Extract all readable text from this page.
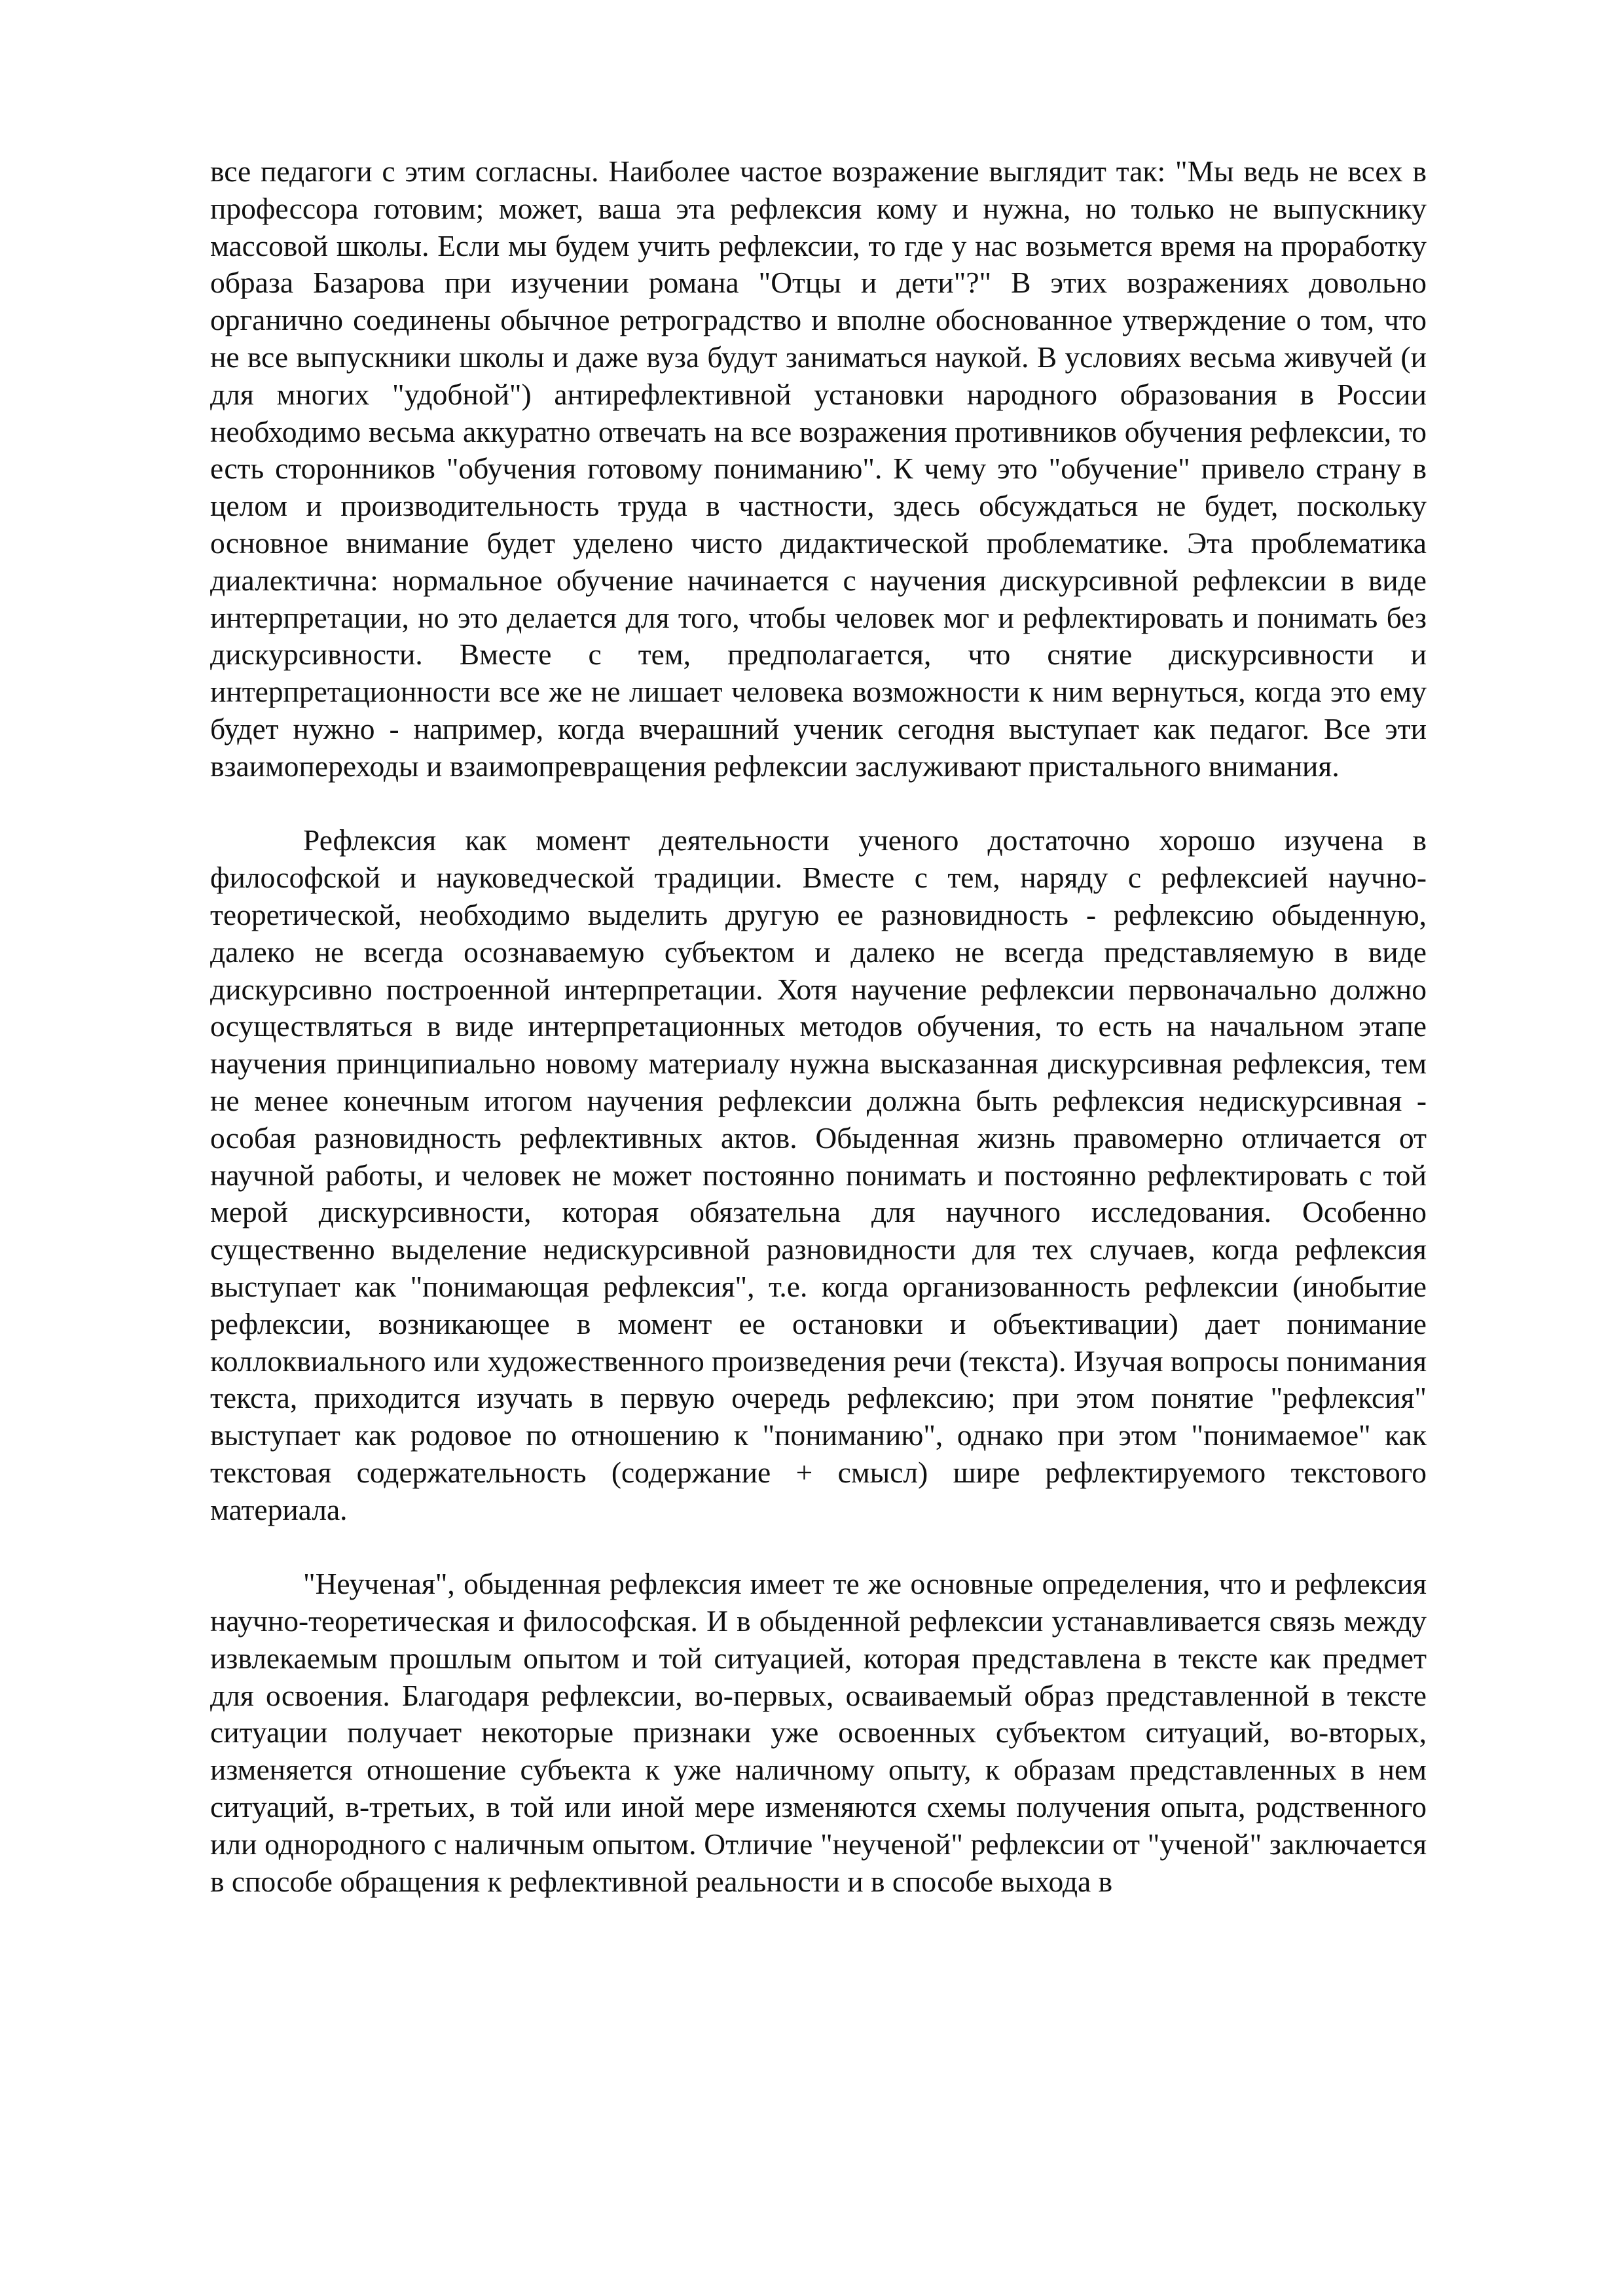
все педагоги с этим согласны. Наиболее частое возражение выглядит так: "Мы ведь не всех в профессора готовим; может, ваша эта рефлексия кому и нужна, но только не выпускнику массовой школы. Если мы будем учить рефлексии, то где у нас возьмется время на проработку образа Базарова при изучении романа "Отцы и дети"?" В этих возражениях довольно органично соединены обычное ретроградство и вполне обоснованное утверждение о том, что не все выпускники школы и даже вуза будут заниматься наукой. В условиях весьма живучей (и для многих "удобной") антирефлективной установки народного образования в России необходимо весьма аккуратно отвечать на все возражения противников обучения рефлексии, то есть сторонников "обучения готовому пониманию". К чему это "обучение" привело страну в целом и производительность труда в частности, здесь обсуждаться не будет, поскольку основное внимание будет уделено чисто дидактической проблематике. Эта проблематика диалектична: нормальное обучение начинается с научения дискурсивной рефлексии в виде интерпретации, но это делается для того, чтобы человек мог и рефлектировать и понимать без дискурсивности. Вместе с тем, предполагается, что снятие дискурсивности и интерпретационности все же не лишает человека возможности к ним вернуться, когда это ему будет нужно - например, когда вчерашний ученик сегодня выступает как педагог. Все эти взаимопереходы и взаимопревращения рефлексии заслуживают пристального внимания.

Рефлексия как момент деятельности ученого достаточно хорошо изучена в философской и науковедческой традиции. Вместе с тем, наряду с рефлексией научно-теоретической, необходимо выделить другую ее разновидность - рефлексию обыденную, далеко не всегда осознаваемую субъектом и далеко не всегда представляемую в виде дискурсивно построенной интерпретации. Хотя научение рефлексии первоначально должно осуществляться в виде интерпретационных методов обучения, то есть на начальном этапе научения принципиально новому материалу нужна высказанная дискурсивная рефлексия, тем не менее конечным итогом научения рефлексии должна быть рефлексия недискурсивная - особая разновидность рефлективных актов. Обыденная жизнь правомерно отличается от научной работы, и человек не может постоянно понимать и постоянно рефлектировать с той мерой дискурсивности, которая обязательна для научного исследования. Особенно существенно выделение недискурсивной разновидности для тех случаев, когда рефлексия выступает как "понимающая рефлексия", т.е. когда организованность рефлексии (инобытие рефлексии, возникающее в момент ее остановки и объективации) дает понимание коллоквиального или художественного произведения речи (текста). Изучая вопросы понимания текста, приходится изучать в первую очередь рефлексию; при этом понятие "рефлексия" выступает как родовое по отношению к "пониманию", однако при этом "понимаемое" как текстовая содержательность (содержание + смысл) шире рефлектируемого текстового материала.

"Неученая", обыденная рефлексия имеет те же основные определения, что и рефлексия научно-теоретическая и философская. И в обыденной рефлексии устанавливается связь между извлекаемым прошлым опытом и той ситуацией, которая представлена в тексте как предмет для освоения. Благодаря рефлексии, во-первых, осваиваемый образ представленной в тексте ситуации получает некоторые признаки уже освоенных субъектом ситуаций, во-вторых, изменяется отношение субъекта к уже наличному опыту, к образам представленных в нем ситуаций, в-третьих, в той или иной мере изменяются схемы получения опыта, родственного или однородного с наличным опытом. Отличие "неученой" рефлексии от "ученой" заключается в способе обращения к рефлективной реальности и в способе выхода в
